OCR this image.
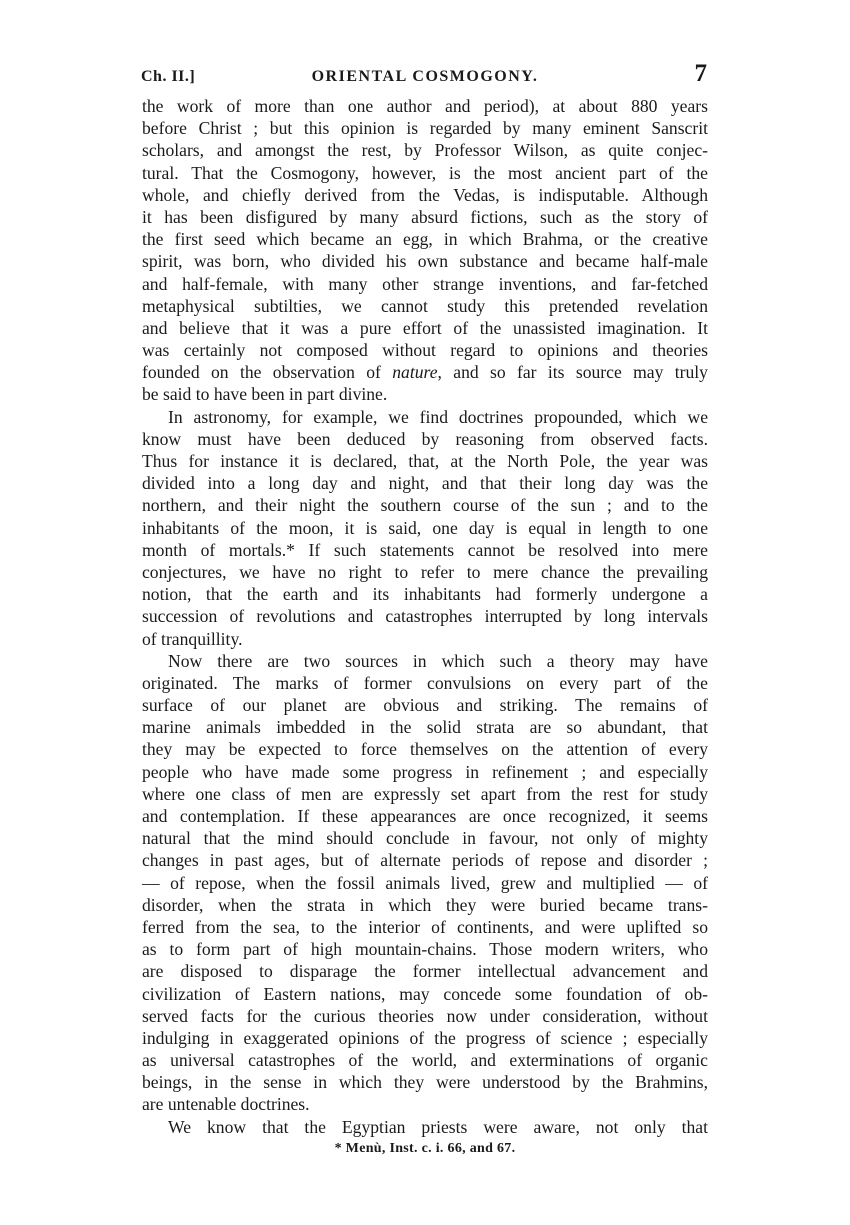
Ch. II.]	ORIENTAL COSMOGONY.	7
the work of more than one author and period), at about 880 years
before Christ ; but this opinion is regarded by many eminent Sanscrit
scholars, and amongst the rest, by Professor Wilson, as quite conjec-
tural. That the Cosmogony, however, is the most ancient part of the
whole, and chiefly derived from the Vedas, is indisputable. Although
it has been disfigured by many absurd fictions, such as the story of
the first seed which became an egg, in which Brahma, or the creative
spirit, was born, who divided his own substance and became half-male
and half-female, with many other strange inventions, and far-fetched
metaphysical subtilties, we cannot study this pretended revelation
and believe that it was a pure effort of the unassisted imagination. It
was certainly not composed without regard to opinions and theories
founded on the observation of nature, and so far its source may truly
be said to have been in part divine.
In astronomy, for example, we find doctrines propounded, which we
know must have been deduced by reasoning from observed facts.
Thus for instance it is declared, that, at the North Pole, the year was
divided into a long day and night, and that their long day was the
northern, and their night the southern course of the sun ; and to the
inhabitants of the moon, it is said, one day is equal in length to one
month of mortals.* If such statements cannot be resolved into mere
conjectures, we have no right to refer to mere chance the prevailing
notion, that the earth and its inhabitants had formerly undergone a
succession of revolutions and catastrophes interrupted by long intervals
of tranquillity.
Now there are two sources in which such a theory may have
originated. The marks of former convulsions on every part of the
surface of our planet are obvious and striking. The remains of
marine animals imbedded in the solid strata are so abundant, that
they may be expected to force themselves on the attention of every
people who have made some progress in refinement ; and especially
where one class of men are expressly set apart from the rest for study
and contemplation. If these appearances are once recognized, it seems
natural that the mind should conclude in favour, not only of mighty
changes in past ages, but of alternate periods of repose and disorder ;
— of repose, when the fossil animals lived, grew and multiplied — of
disorder, when the strata in which they were buried became trans-
ferred from the sea, to the interior of continents, and were uplifted so
as to form part of high mountain-chains. Those modern writers, who
are disposed to disparage the former intellectual advancement and
civilization of Eastern nations, may concede some foundation of ob-
served facts for the curious theories now under consideration, without
indulging in exaggerated opinions of the progress of science ; especially
as universal catastrophes of the world, and exterminations of organic
beings, in the sense in which they were understood by the Brahmins,
are untenable doctrines.
We know that the Egyptian priests were aware, not only that
* Menù, Inst. c. i. 66, and 67.
